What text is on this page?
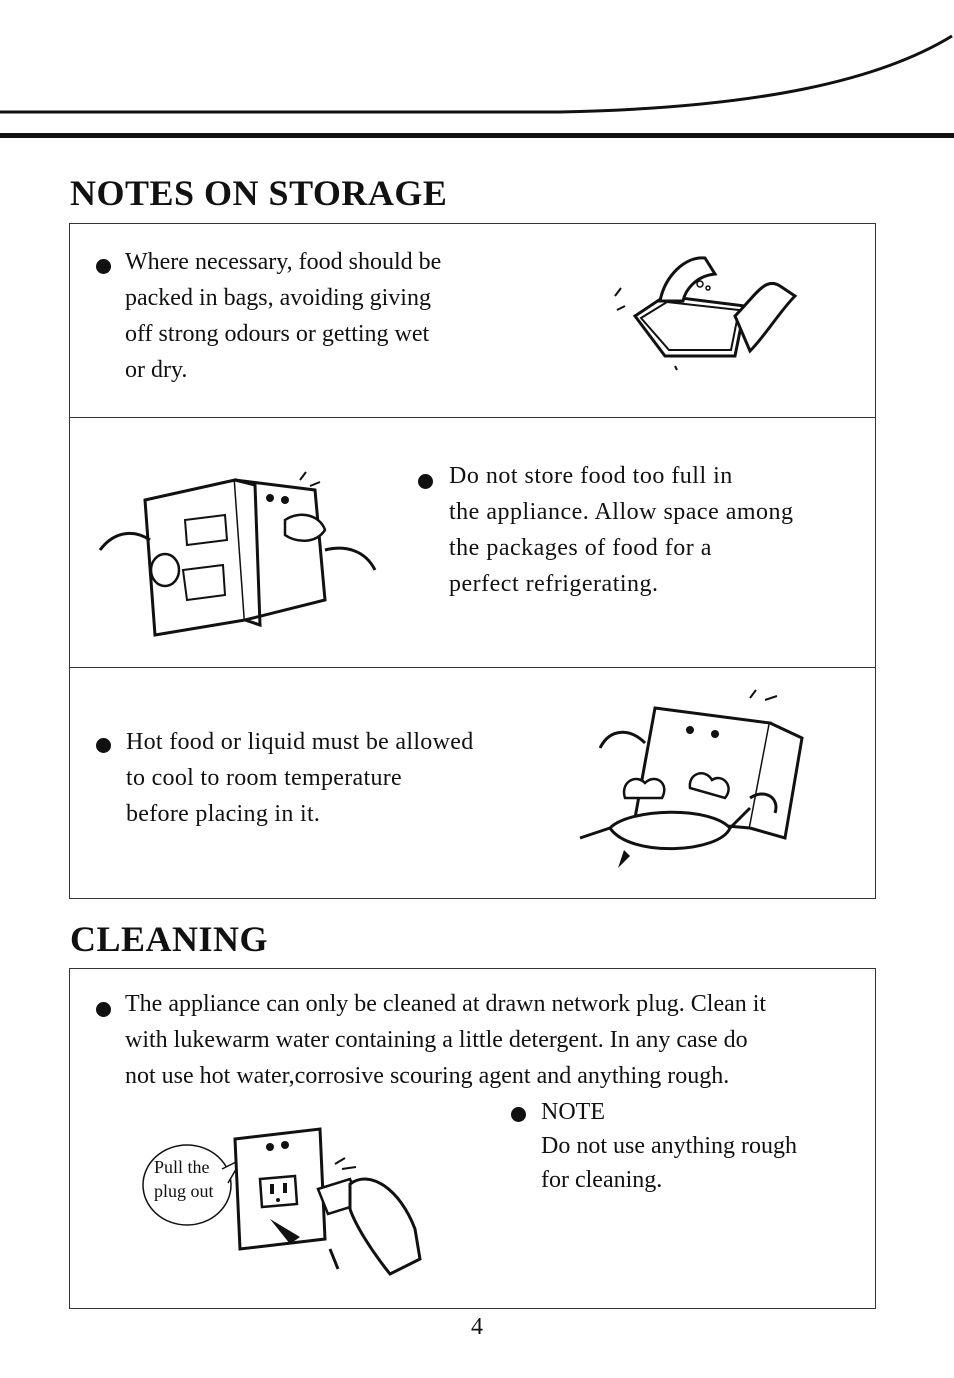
NOTES ON STORAGE
Where necessary, food should be
packed in bags, avoiding giving
off strong odours or getting wet
or dry.
Do not store food too full in
the appliance. Allow space among
the packages of food for a
perfect refrigerating.
Hot food or liquid must be allowed
to cool to room temperature
before placing in it.
CLEANING
The appliance can only be cleaned at drawn network plug. Clean it
with lukewarm water containing a little detergent. In any case do
not use hot water,corrosive scouring agent and anything rough.
NOTE
Do not use anything rough
for cleaning.
Pull the
plug out
4
